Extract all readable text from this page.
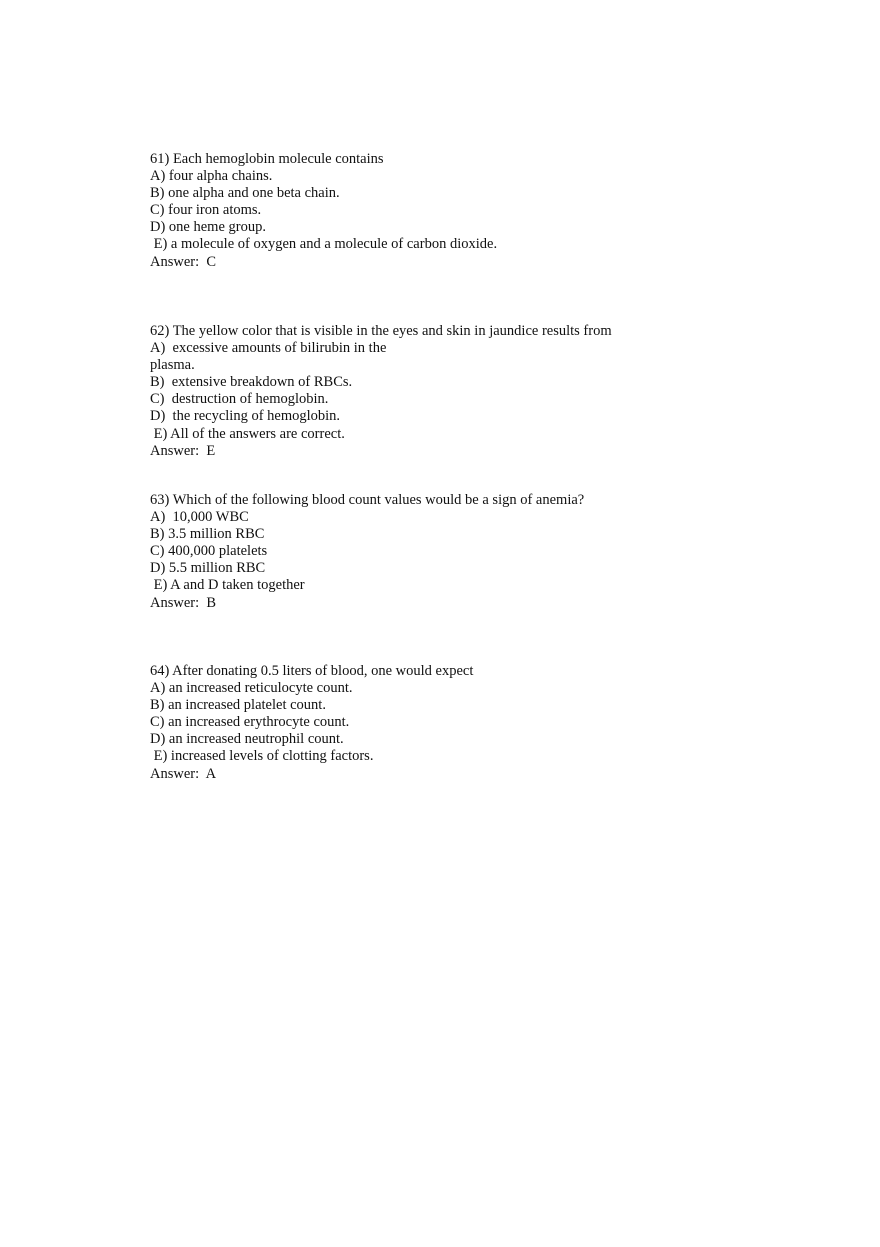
61) Each hemoglobin molecule contains
A) four alpha chains.
B) one alpha and one beta chain.
C) four iron atoms.
D) one heme group.
E) a molecule of oxygen and a molecule of carbon dioxide.
Answer:  C
62) The yellow color that is visible in the eyes and skin in jaundice results from
A)  excessive amounts of bilirubin in the
plasma.
B)  extensive breakdown of RBCs.
C)  destruction of hemoglobin.
D)  the recycling of hemoglobin.
E) All of the answers are correct.
Answer:  E
63) Which of the following blood count values would be a sign of anemia?
A)  10,000 WBC
B) 3.5 million RBC
C) 400,000 platelets
D) 5.5 million RBC
E) A and D taken together
Answer:  B
64) After donating 0.5 liters of blood, one would expect
A) an increased reticulocyte count.
B) an increased platelet count.
C) an increased erythrocyte count.
D) an increased neutrophil count.
E) increased levels of clotting factors.
Answer:  A
